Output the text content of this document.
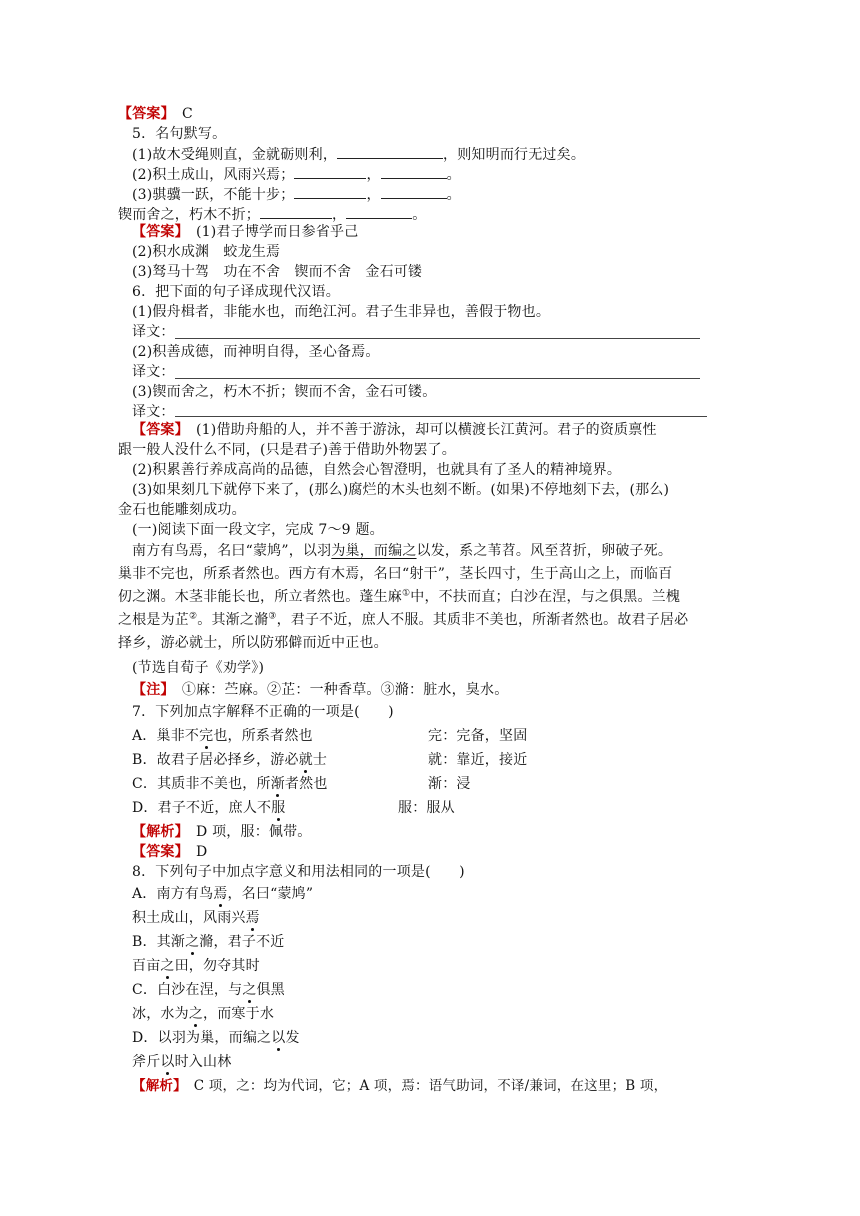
【答案】　 C
5．名句默写。
(1)故木受绳则直，金就砺则利，	，则知明而行无过矣。
(2)积土成山，风雨兴焉；	，	。
(3)骐骥一跃，不能十步；	，	。
锲而舍之，朽木不折；	，	。
【答案】　 (1)君子博学而日参省乎己
(2)积水成渊　蛟龙生焉
(3)驽马十驾　功在不舍　锲而不舍　金石可镂
6．把下面的句子译成现代汉语。
(1)假舟楫者，非能水也，而绝江河。君子生非异也，善假于物也。
译文：
(2)积善成德，而神明自得，圣心备焉。
译文：
(3)锲而舍之，朽木不折；锲而不舍，金石可镂。
译文：
【答案】　 (1)借助舟船的人，并不善于游泳，却可以横渡长江黄河。君子的资质禀性
跟一般人没什么不同，(只是君子)善于借助外物罢了。
(2)积累善行养成高尚的品德，自然会心智澄明，也就具有了圣人的精神境界。
(3)如果刻几下就停下来了，(那么)腐烂的木头也刻不断。(如果)不停地刻下去，(那么)
金石也能雕刻成功。
(一)阅读下面一段文字，完成 7～9 题。
南方有鸟焉，名曰“蒙鸠”，以羽为巢，而编之以发，系之苇苕。风至苕折，卵破子死。
巢非不完也，所系者然也。西方有木焉，名曰“射干”，茎长四寸，生于高山之上，而临百
仞之渊。木茎非能长也，所立者然也。蓬生麻①中，不扶而直；白沙在涅，与之俱黑。兰槐
之根是为芷②。其渐之滫③，君子不近，庶人不服。其质非不美也，所渐者然也。故君子居必
择乡，游必就士，所以防邪僻而近中正也。
(节选自荀子《劝学》)
【注】　 ①麻：苎麻。②芷：一种香草。③滫：脏水，臭水。
7．下列加点字解释不正确的一项是(　　)
A．巢非不完也，所系者然也	完：完备，坚固
B．故君子居必择乡，游必就士	就：靠近，接近
C．其质非不美也，所渐者然也	渐：浸
D．君子不近，庶人不服	服：服从
【解析】　 D 项，服：佩带。
【答案】　 D
8．下列句子中加点字意义和用法相同的一项是(　　)
A．南方有鸟焉，名曰“蒙鸠”
积土成山，风雨兴焉
B．其渐之滫，君子不近
百亩之田，勿夺其时
C．白沙在涅，与之俱黑
冰，水为之，而寒于水
D．以羽为巢，而编之以发
斧斤以时入山林
【解析】　 C 项，之：均为代词，它；A 项，焉：语气助词，不译/兼词，在这里；B 项，
